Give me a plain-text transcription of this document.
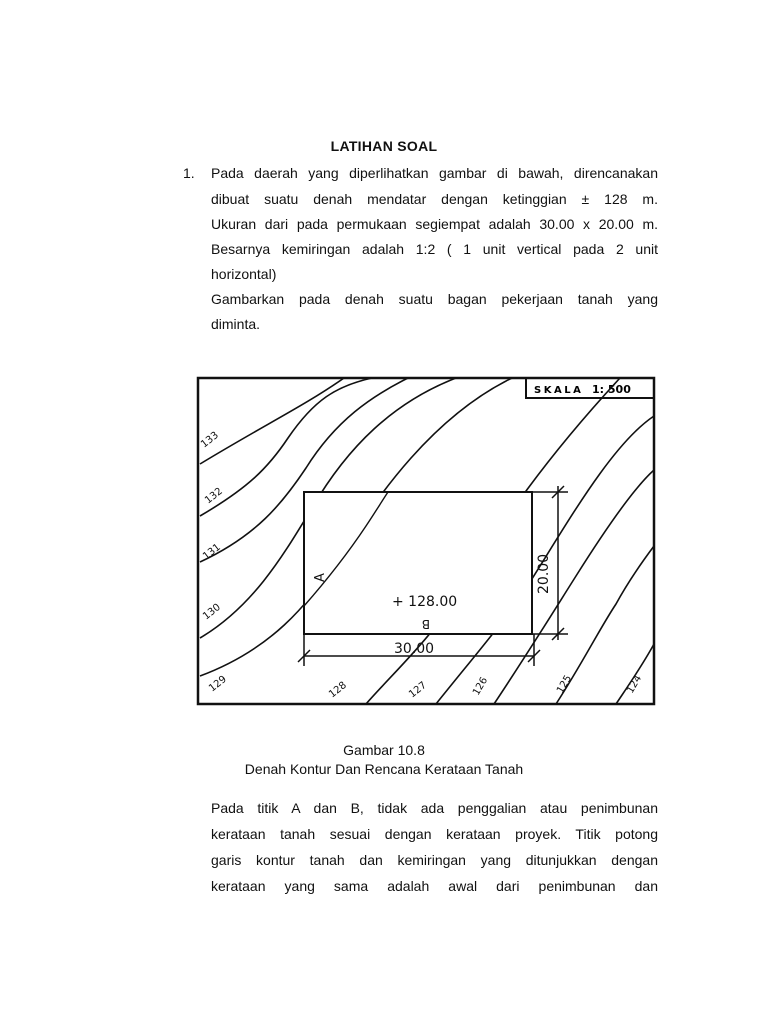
LATIHAN SOAL
1. Pada daerah yang diperlihatkan gambar di bawah, direncanakan
dibuat suatu denah mendatar dengan ketinggian ± 128 m.
Ukuran dari pada permukaan segiempat adalah 30.00 x 20.00 m.
Besarnya kemiringan adalah 1:2 ( 1 unit vertical pada 2 unit
horizontal)
Gambarkan pada denah suatu bagan pekerjaan tanah yang
diminta.
SKALA 1: 500
133
132
131
130
129	128	127	126	125	124
+ 128.00
A
B
30.00
20.00
Gambar 10.8
Denah Kontur Dan Rencana Kerataan Tanah
Pada titik A dan B, tidak ada penggalian atau penimbunan
kerataan tanah sesuai dengan kerataan proyek. Titik potong
garis kontur tanah dan kemiringan yang ditunjukkan dengan
kerataan yang sama adalah awal dari penimbunan dan
